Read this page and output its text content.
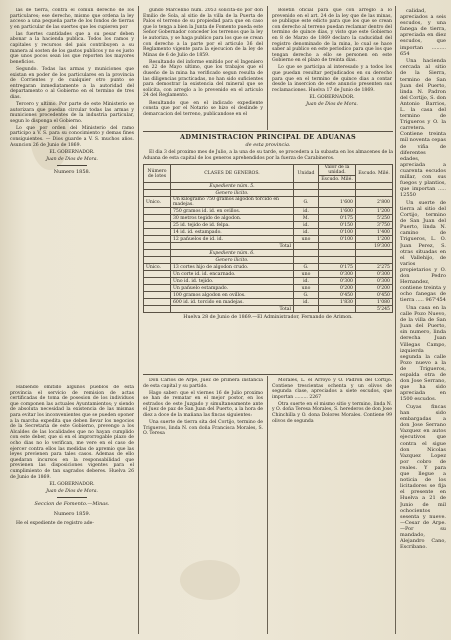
las de tierra, contra el comun derecho de los particulares; ese derecho, mismo que ordena la ley acceso a una pequeña parte de los fondos de tierras y en particular de las suertes que les cupieren por

las fuertes cantidades que a su pesar deben abonar a la hacienda publica. Todos los ramos y capitales y recursos del pais contribuyen a su manera al sosten de los gastos publicos y no es justo que unos pocos sean los que reporten los mayores beneficios.

Segundo. Todas las armas y municiones que existan en poder de los particulares en la provincia de Corrientes y de cualquier otro punto se entregaran inmediatamente a la autoridad del departamento o al Gobierno en el termino de tres dias.

Tercero y ultimo. Por parte de este Ministerio se autorizara que puedan circular todas las armas y municiones procedentes de la industria particular, segun lo disponga el Gobierno.

Lo que por orden del Ministerio del ramo participo a V. S. para su conocimiento y demas fines consiguientes. — Dios guarde a V. S. muchos años. Asuncion 26 de Junio de 1869.

EL GOBERNADOR.

Juan de Dios de Mora.

Numero 1858.

Habiendo omitido algunos pueblos de esta provincia el servicio de remision de actas certificadas de toma de posesion de los individuos que componen las actuales Ayuntamientos; y siendo de absoluta necesidad la existencia de las mismas para evitar los inconvenientes que se pueden oponer a la marcha expedita que deben llevar los negocios de la Secretaria de este Gobierno, prevengo a los Alcaldes de las localidades que no hayan cumplido con este deber, que si en el improrrogable plazo de ocho dias no lo verifican, me vere en el caso de ejercer contra ellos las medidas de apremio que las leyes previenen para tales casos. Ademas de ello quedaran incursos en la responsabilidad que previenen las disposiciones vigentes para el cumplimiento de tan sagrados deberes. Huelva 26 de Junio de 1869.

EL GOBERNADOR.

Juan de Dios de Mora.

Seccion de Fomento.—Minas.

Numero 1859.

He el expediente de registro ade-

gundo Marcelino núm. 2053 solicita-do por don Emilio de Sola, al sitio de la villa de la Puerta de Palos el terreno de su propiedad para que en caso que lo tenga a bien la Junta de Fomento pueda este Señor Gobernador conceder los terrenos que la ley le autoriza, y se haga publico para los que se crean con derecho a la parte por el articulo 36 del Reglamento vigente para la ejecucion de la ley de Minas de 6 de Julio de 1859.

Resultando del informe emitido por el Ingeniero en 22 de Mayo ultimo, que los trabajos que el duseño de la mina ha verificado segun resulta de las diligencias practicadas, no han sido suficientes para demostrar la existencia del mineral que se solicita, con arreglo a lo prevenido en el articulo 24 del Reglamento.

Resultando que en el indicado expediente consta que por el Notario se hizo el deslinde y demarcacion del terreno, publicandose en el

Boletin oficial para que con arreglo a lo prevenido en el art. 24 de la ley que de las minas, se publique este edicto para que los que se crean con derecho al terreno puedan reclamar dentro del termino de quince dias, y visto que este Gobierno en 8 de Marzo de 1869 declaro la caducidad del registro denominado de la mina, lo cual se hace saber al publico en este periodico para que los que tengan derecho a ello se personen en este Gobierno en el plazo de treinta dias.

Lo que se participa al interesado y a todos los que puedan resultar perjudicados en su derecho para que en el termino de quince dias a contar desde la insercion de este anuncio presenten sus reclamaciones. Huelva 17 de Junio de 1869.

EL GOBERNADOR.

Juan de Dios de Mora.

calidad, apreciados a seis escudos, y una fanega de tierra, apreciada en diez escudos, que importan ......... 654

Una hacienda cercada al sitio de la Sierra, termino de San Juan del Puerto, linda N. Padron del Cortijo, S. don Antonio Barrios, L. la casa del termino de Trigueros y O. la carretera. Contiene treinta mil noventa cepas de viña de diferentes edades, apreciada a cuarenta escudos millar, con sus fuegos y plantios, que importan ..... 12550

Un suerte de tierra al sitio del Cortijo, termino de San Juan del Puerto, linda N. camino de Trigueros, L. O. Juan Perez, S. otras situadas en el Vallehijo, de varios propietarios y O. don Pedro Hernandez, contiene treinta y ocho fanegas de tierra ..... 967'454

Una casa en la calle Pozo Nuevo, de la villa de San Juan del Puerto, sin numero, linda derecha Juan Villegas Campo, izquierda segunda la calle Pozo nuevo a la de Trigueros, espalda otra de don Jose Serrano, que ha sido apreciada en 1500 escudos.

Cuyas fincas han sido embargadas a don Jose Serrano Vazquez en autos ejecutivos que contra el sigue don Nicolas Vazquez Lopez por cobro de reales. Y para que llegue a noticia de los licitadores se fija el presente en Huelva a 21 de Junio de mil ochocientos sesenta y nueve.—Cesar de Arpe.—Por su mandado, Alejandro Cano, Escribano.

ADMINISTRACION PRINCIPAL DE ADUANAS
de esta provincia.
El dia 3 del proximo mes de Julio, a la una de su tarde, se procedera a la subasta en los almacenes de la Aduana de esta capital de los generos aprehendidos por la fuerza de Carabineros.
Número de lotes	CLASES DE GENEROS.	Unidad	Valor de la unidad.	Escudo. Milé.
			Escudo. Milé.	
	Expediente núm. 5.			
	Genero ilicito.			
Unico.	Un kilogramo 750 gramos algodon torcido en madejas.	G.	1'600	2'800
	750 gramos id. id. en ovillos.	id.	1'600	1'200
	30 metros tegido de algodon.	M.	0'175	5'250
	25 id. tejido de id. felpa.	id.	0'150	3'750
	14 id. id. estampado.	id.	0'100	1'400
	12 pañuelos de id. id.	uno	0'100	1'200
	Total			19'300
	Expediente núm. 6.			
	Genero ilicito.			
Unico.	13 cortes hijo de algodon crudo.	G.	0'175	2'275
	Un corte id. id. encarnado.	uno	0'300	0'300
	Uno id. id. tejido.	id.	0'300	0'300
	Un pañuelo estampado.	uno	0'200	0'200
	100 gramos algodon en ovillos.	G.	0'450	0'450
	600 id. id. torcido en madejas.	id.	1'830	1'080
	Total			5'245
Huelva 28 de Junio de 1869.—El Administrador, Fernando de Arimon.

Don Carlos de Arpe, Juez de primera instancia de esta capital y su partido.

Hago saber: que el viernes 16 de Julio proximo se han de rematar en el mejor postor, en los estrados de este Juzgado y simultaneamente ante el Juez de paz de San Juan del Puerto, a la hora de diez a doce de la mañana las fincas siguientes:

Una suerte de tierra sita del Cortijo, termino de Trigueros, linda N. con doña Francisca Morales, S. O. Teresa

Morales, L. el Arroyo y O. Padron del Cortijo. Contiene trescientas ochenta y un olivos de segunda clase, apreciados a siete escudos, que importan ......... 2267

Otra suerte en el mismo sitio y termino, linda N. y O. doña Teresa Morales, S. herederos de don Jose Chinchilla y O. dona Dolores Morales. Contiene 99 olivos de segunda
